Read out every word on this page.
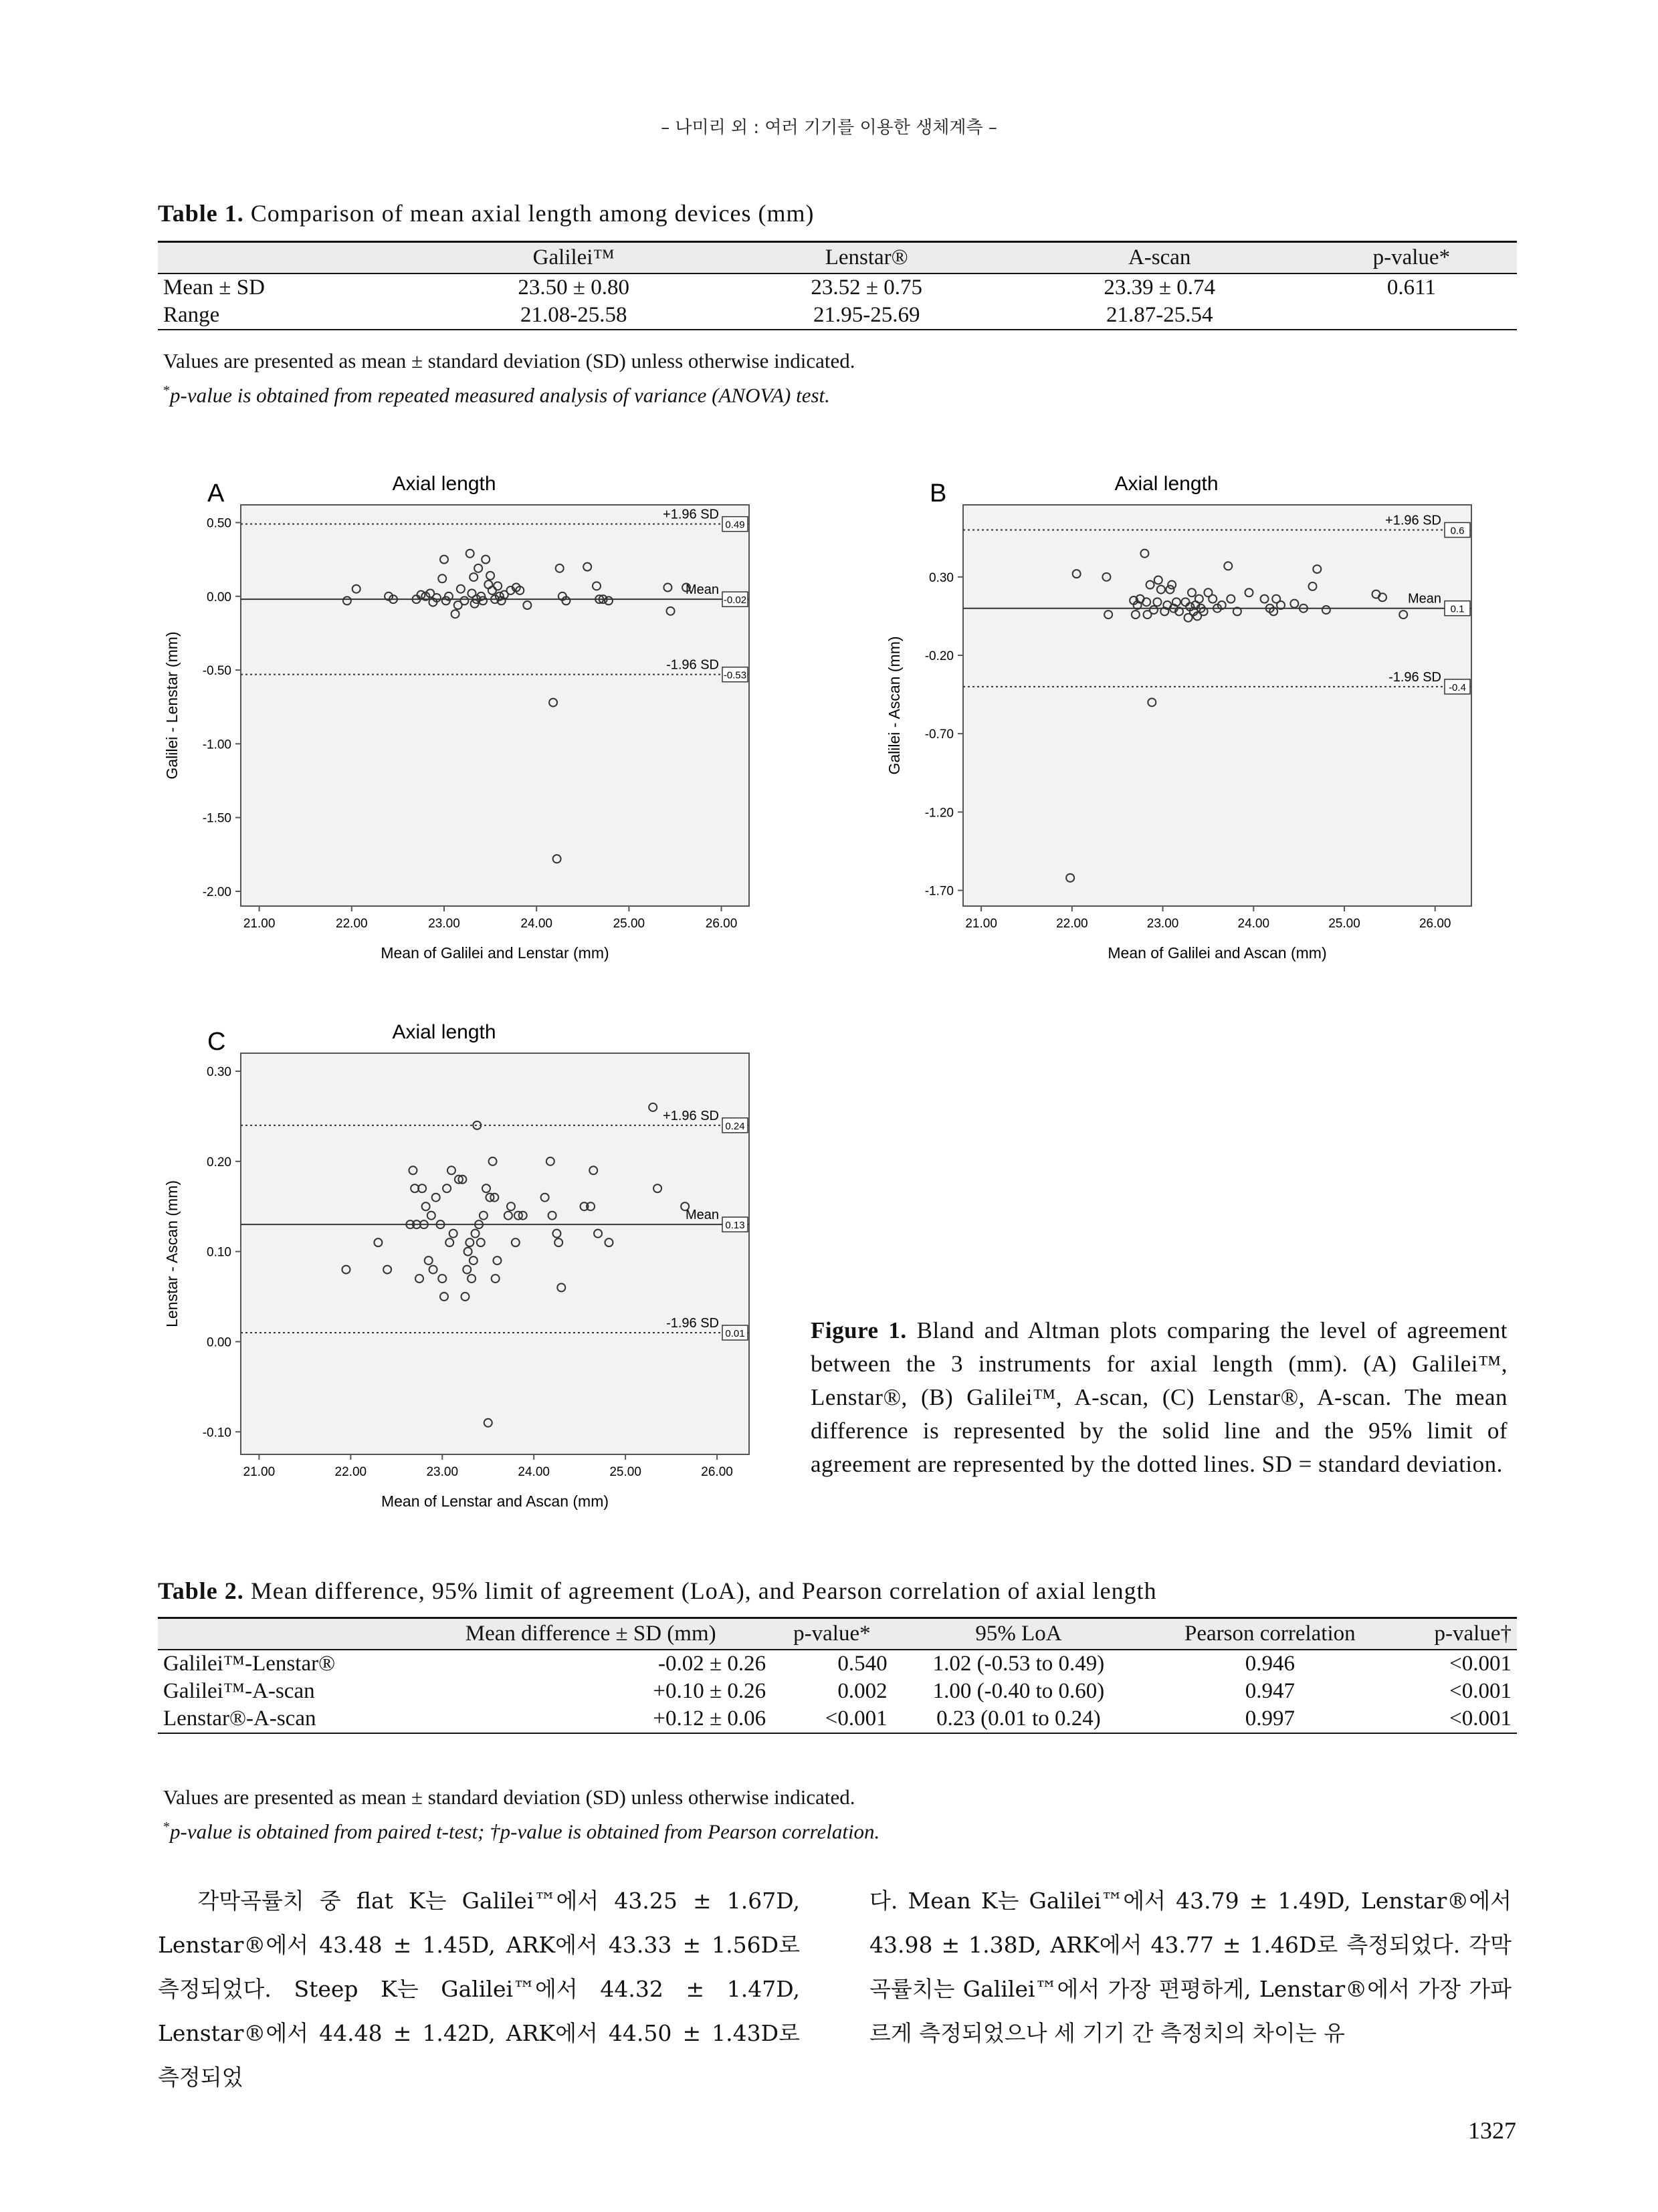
– 나미리 외 : 여러 기기를 이용한 생체계측 –
Table 1. Comparison of mean axial length among devices (mm)
	Galilei™	Lenstar®	A-scan	p-value*
Mean ± SD	23.50 ± 0.80	23.52 ± 0.75	23.39 ± 0.74	0.611
Range	21.08-25.58	21.95-25.69	21.87-25.54	
Values are presented as mean ± standard deviation (SD) unless otherwise indicated.
*p-value is obtained from repeated measured analysis of variance (ANOVA) test.
A	Axial length
21.00	22.00	23.00	24.00	25.00	26.00
0.50
0.00
-0.50
-1.00
-1.50
-2.00
+1.96 SD
0.49
Mean
-0.02
-1.96 SD
-0.53
Mean of Galilei and Lenstar (mm)
Galilei - Lenstar (mm)
B	Axial length
21.00	22.00	23.00	24.00	25.00	26.00
0.30
-0.20
-0.70
-1.20
-1.70
+1.96 SD
0.6
Mean
0.1
-1.96 SD
-0.4
Mean of Galilei and Ascan (mm)
Galilei - Ascan (mm)
C	Axial length
21.00	22.00	23.00	24.00	25.00	26.00
0.30
0.20
0.10
0.00
-0.10
+1.96 SD
0.24
Mean
0.13
-1.96 SD
0.01
Mean of Lenstar and Ascan (mm)
Lenstar - Ascan (mm)
Figure 1. Bland and Altman plots comparing the level of agreement between the 3 instruments for axial length (mm). (A) Galilei™, Lenstar®, (B) Galilei™, A-scan, (C) Lenstar®, A-scan. The mean difference is represented by the solid line and the 95% limit of agreement are represented by the dotted lines. SD = standard deviation.
Table 2. Mean difference, 95% limit of agreement (LoA), and Pearson correlation of axial length
	Mean difference ± SD (mm)	p-value*	95% LoA	Pearson correlation	p-value†
Galilei™-Lenstar®	-0.02 ± 0.26	0.540	1.02 (-0.53 to 0.49)	0.946	<0.001
Galilei™-A-scan	+0.10 ± 0.26	0.002	1.00 (-0.40 to 0.60)	0.947	<0.001
Lenstar®-A-scan	+0.12 ± 0.06	<0.001	0.23 (0.01 to 0.24)	0.997	<0.001
Values are presented as mean ± standard deviation (SD) unless otherwise indicated.
*p-value is obtained from paired t-test; †p-value is obtained from Pearson correlation.
각막곡률치 중 flat K는 Galilei™에서 43.25 ± 1.67D, Lenstar®에서 43.48 ± 1.45D, ARK에서 43.33 ± 1.56D로 측정되었다. Steep K는 Galilei™에서 44.32 ± 1.47D, Lenstar®에서 44.48 ± 1.42D, ARK에서 44.50 ± 1.43D로 측정되었
다. Mean K는 Galilei™에서 43.79 ± 1.49D, Lenstar®에서 43.98 ± 1.38D, ARK에서 43.77 ± 1.46D로 측정되었다. 각막곡률치는 Galilei™에서 가장 편평하게, Lenstar®에서 가장 가파르게 측정되었으나 세 기기 간 측정치의 차이는 유
1327
